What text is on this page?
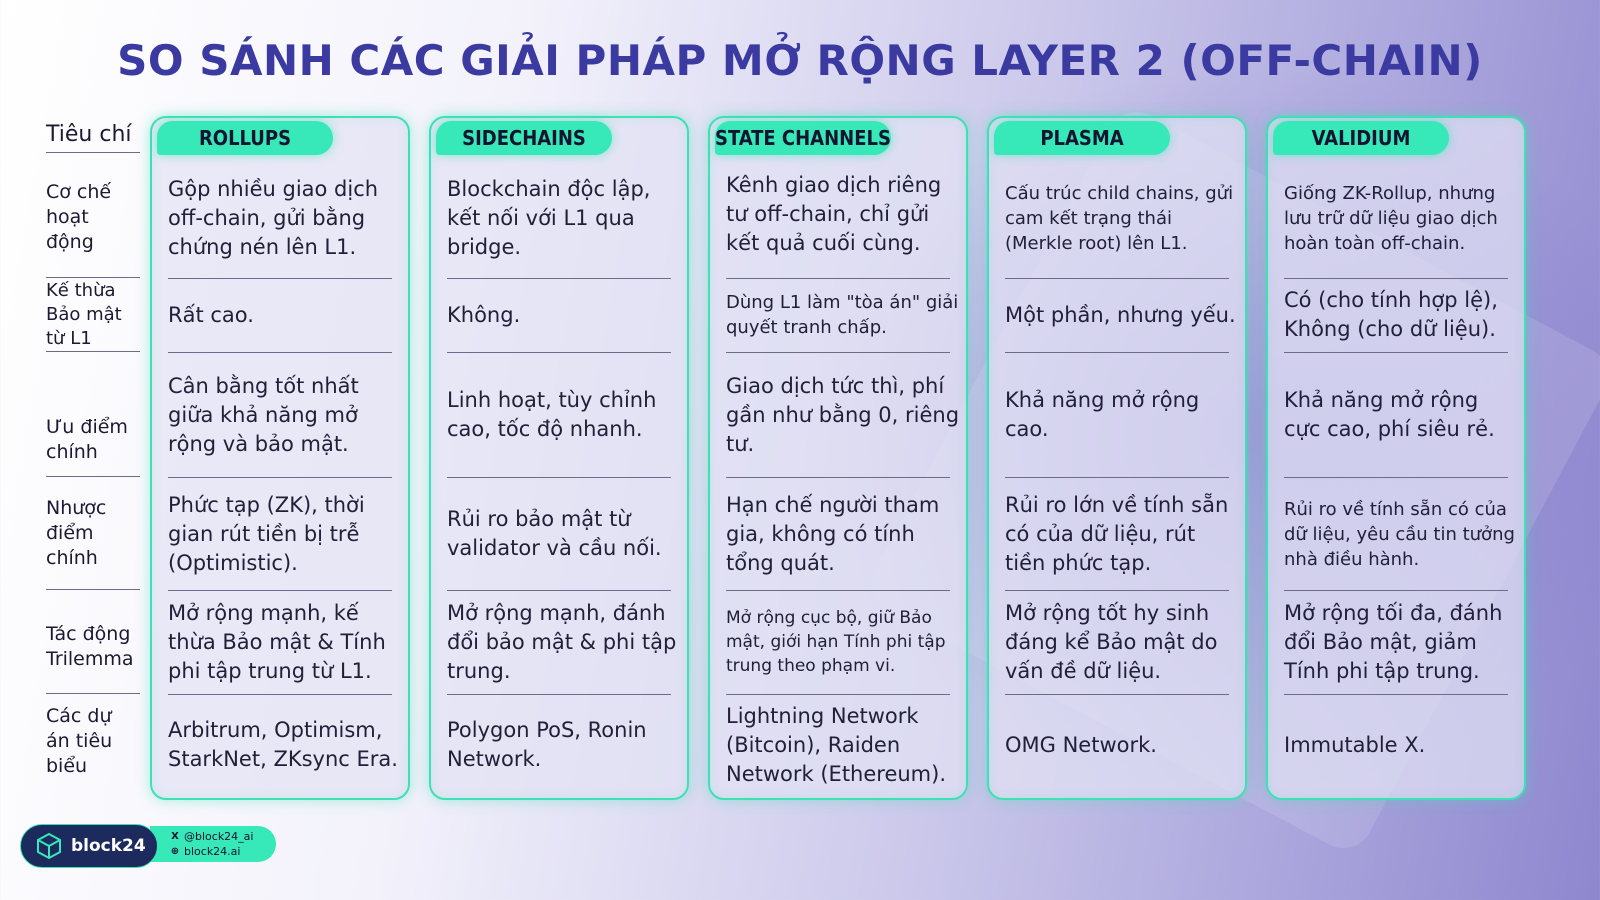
SO SÁNH CÁC GIẢI PHÁP MỞ RỘNG LAYER 2 (OFF-CHAIN)
Tiêu chí
Cơ chế hoạt động
Kế thừa Bảo mật từ L1
Ưu điểm chính
Nhược điểm chính
Tác động Trilemma
Các dự án tiêu biểu
ROLLUPS
Gộp nhiều giao dịch off-chain, gửi bằng chứng nén lên L1.
Rất cao.
Cân bằng tốt nhất giữa khả năng mở rộng và bảo mật.
Phức tạp (ZK), thời gian rút tiền bị trễ (Optimistic).
Mở rộng mạnh, kế thừa Bảo mật & Tính phi tập trung từ L1.
Arbitrum, Optimism, StarkNet, ZKsync Era.
SIDECHAINS
Blockchain độc lập, kết nối với L1 qua bridge.
Không.
Linh hoạt, tùy chỉnh cao, tốc độ nhanh.
Rủi ro bảo mật từ validator và cầu nối.
Mở rộng mạnh, đánh đổi bảo mật & phi tập trung.
Polygon PoS, Ronin Network.
STATE CHANNELS
Kênh giao dịch riêng tư off-chain, chỉ gửi kết quả cuối cùng.
Dùng L1 làm "tòa án" giải quyết tranh chấp.
Giao dịch tức thì, phí gần như bằng 0, riêng tư.
Hạn chế người tham gia, không có tính tổng quát.
Mở rộng cục bộ, giữ Bảo mật, giới hạn Tính phi tập trung theo phạm vi.
Lightning Network (Bitcoin), Raiden Network (Ethereum).
PLASMA
Cấu trúc child chains, gửi cam kết trạng thái (Merkle root) lên L1.
Một phần, nhưng yếu.
Khả năng mở rộng cao.
Rủi ro lớn về tính sẵn có của dữ liệu, rút tiền phức tạp.
Mở rộng tốt hy sinh đáng kể Bảo mật do vấn đề dữ liệu.
OMG Network.
VALIDIUM
Giống ZK-Rollup, nhưng lưu trữ dữ liệu giao dịch hoàn toàn off-chain.
Có (cho tính hợp lệ), Không (cho dữ liệu).
Khả năng mở rộng cực cao, phí siêu rẻ.
Rủi ro về tính sẵn có của dữ liệu, yêu cầu tin tưởng nhà điều hành.
Mở rộng tối đa, đánh đổi Bảo mật, giảm Tính phi tập trung.
Immutable X.
X @block24_ai
⊕ block24.ai
block24
